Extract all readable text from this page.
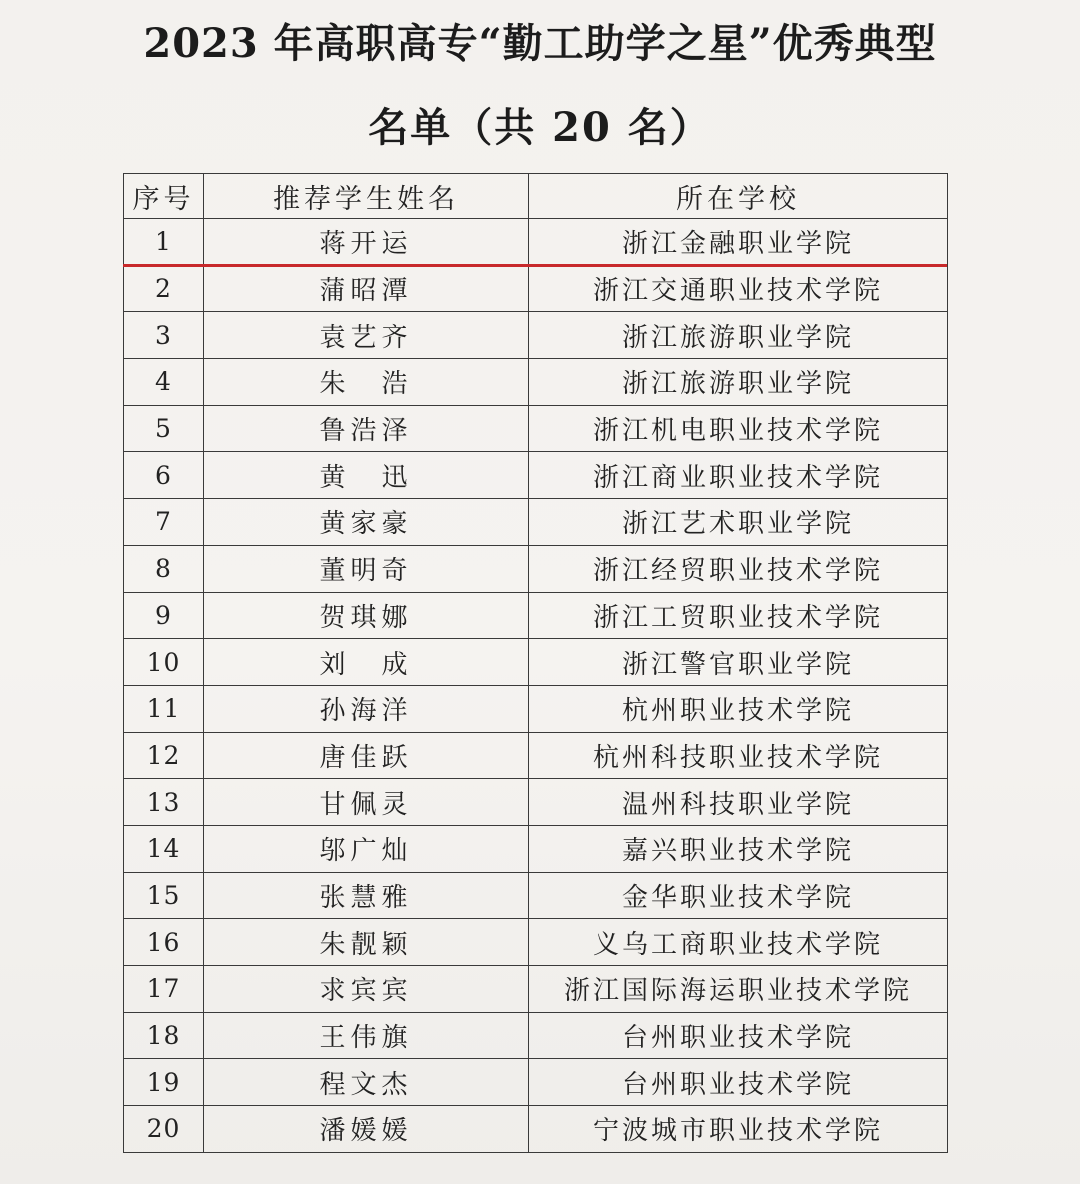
2023 年高职高专“勤工助学之星”优秀典型
名单（共 20 名）
序号	推荐学生姓名	所在学校
1	蒋开运	浙江金融职业学院
2	蒲昭潭	浙江交通职业技术学院
3	袁艺齐	浙江旅游职业学院
4	朱　浩	浙江旅游职业学院
5	鲁浩泽	浙江机电职业技术学院
6	黄　迅	浙江商业职业技术学院
7	黄家豪	浙江艺术职业学院
8	董明奇	浙江经贸职业技术学院
9	贺琪娜	浙江工贸职业技术学院
10	刘　成	浙江警官职业学院
11	孙海洋	杭州职业技术学院
12	唐佳跃	杭州科技职业技术学院
13	甘佩灵	温州科技职业学院
14	邬广灿	嘉兴职业技术学院
15	张慧雅	金华职业技术学院
16	朱靓颖	义乌工商职业技术学院
17	求宾宾	浙江国际海运职业技术学院
18	王伟旗	台州职业技术学院
19	程文杰	台州职业技术学院
20	潘媛媛	宁波城市职业技术学院
